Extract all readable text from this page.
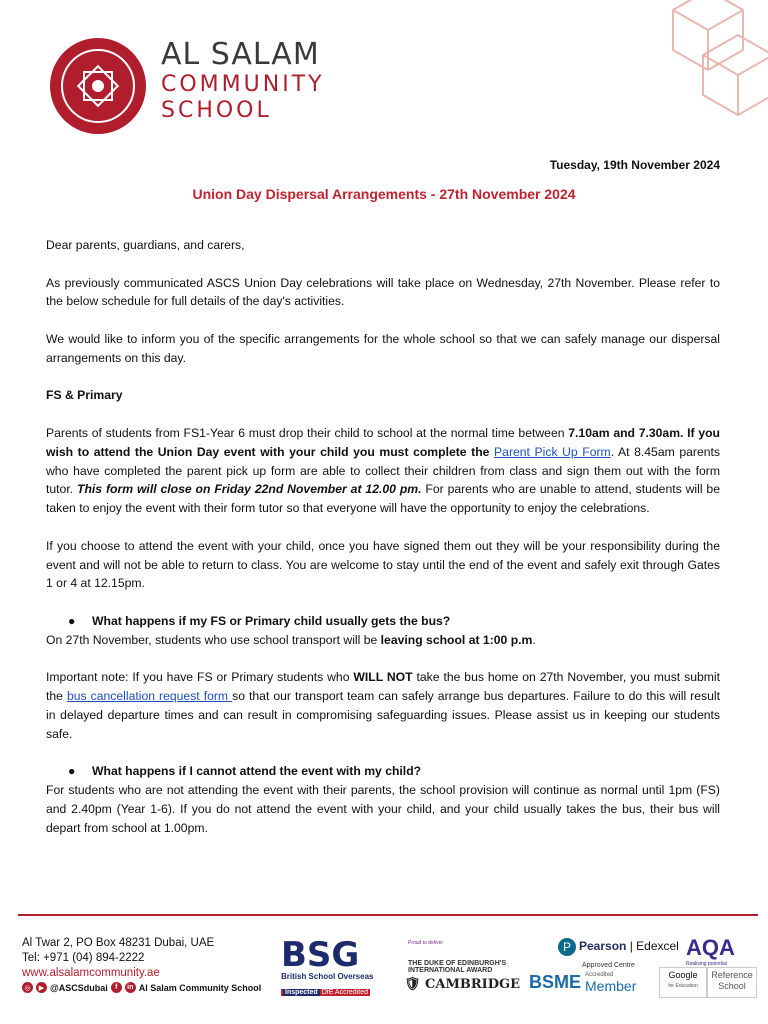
AL SALAM
COMMUNITY
SCHOOL
Tuesday, 19th November 2024
Union Day Dispersal Arrangements - 27th November 2024

Dear parents, guardians, and carers,

As previously communicated ASCS Union Day celebrations will take place on Wednesday, 27th November. Please refer to the below schedule for full details of the day's activities.

We would like to inform you of the specific arrangements for the whole school so that we can safely manage our dispersal arrangements on this day.

FS & Primary

Parents of students from FS1-Year 6 must drop their child to school at the normal time between 7.10am and 7.30am. If you wish to attend the Union Day event with your child you must complete the Parent Pick Up Form. At 8.45am parents who have completed the parent pick up form are able to collect their children from class and sign them out with the form tutor. This form will close on Friday 22nd November at 12.00 pm. For parents who are unable to attend, students will be taken to enjoy the event with their form tutor so that everyone will have the opportunity to enjoy the celebrations.

If you choose to attend the event with your child, once you have signed them out they will be your responsibility during the event and will not be able to return to class. You are welcome to stay until the end of the event and safely exit through Gates 1 or 4 at 12.15pm.

● What happens if my FS or Primary child usually gets the bus?

On 27th November, students who use school transport will be leaving school at 1:00 p.m.

Important note: If you have FS or Primary students who WILL NOT take the bus home on 27th November, you must submit the bus cancellation request form so that our transport team can safely arrange bus departures. Failure to do this will result in delayed departure times and can result in compromising safeguarding issues. Please assist us in keeping our students safe.

● What happens if I cannot attend the event with my child?

For students who are not attending the event with their parents, the school provision will continue as normal until 1pm (FS) and 2.40pm (Year 1-6). If you do not attend the event with your child, and your child usually takes the bus, their bus will depart from school at 1.00pm.

Al Twar 2, PO Box 48231 Dubai, UAE
Tel: +971 (04) 894-2222
www.alsalamcommunity.ae
◎	▶ @ASCSdubai	f	in Al Salam Community School
BSG
British School Overseas
Inspected DfE Accredited
Proud to deliver
THE DUKE OF EDINBURGH'S
INTERNATIONAL AWARD
🛡 CAMBRIDGE
P Pearson | Edexcel
Approved Centre
BSME Accredited
Member
AQA
Realising potential
Google
for Education
Reference School
